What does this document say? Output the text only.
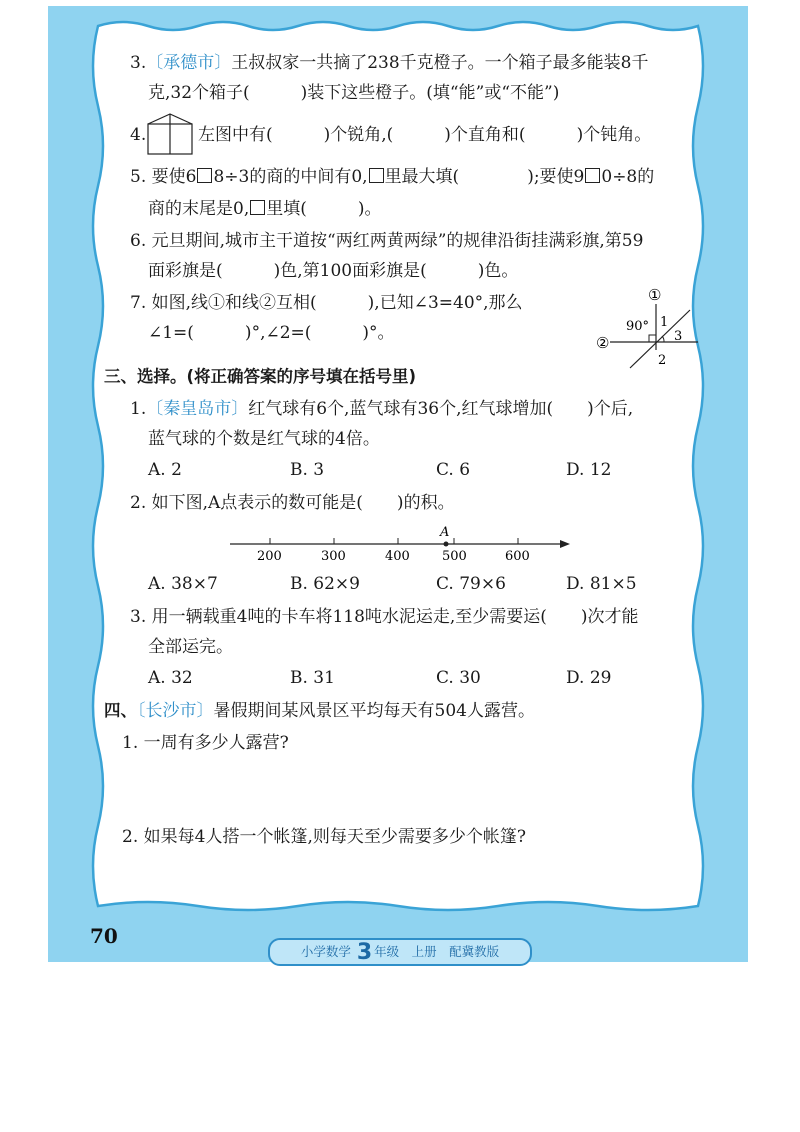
3.〔承德市〕王叔叔家一共摘了238千克橙子。一个箱子最多能装8千
克,32个箱子(　　　)装下这些橙子。(填“能”或“不能”)
4.	左图中有(　　　)个锐角,(　　　)个直角和(　　　)个钝角。
5. 要使6 8÷3的商的中间有0, 里最大填(　　　　);要使9 0÷8的
商的末尾是0, 里填(　　　)。
6. 元旦期间,城市主干道按“两红两黄两绿”的规律沿街挂满彩旗,第59
面彩旗是(　　　)色,第100面彩旗是(　　　)色。
7. 如图,线①和线②互相(　　　),已知∠3=40°,那么
∠1=(　　　)°,∠2=(　　　)°。
①
②
90° 1
3
2
三、选择。(将正确答案的序号填在括号里)
1.〔秦皇岛市〕红气球有6个,蓝气球有36个,红气球增加(　　)个后,
蓝气球的个数是红气球的4倍。
A. 2	B. 3	C. 6	D. 12
2. 如下图,A点表示的数可能是(　　)的积。
A
200	300	400 500	600
A. 38×7	B. 62×9	C. 79×6	D. 81×5
3. 用一辆载重4吨的卡车将118吨水泥运走,至少需要运(　　)次才能
全部运完。
A. 32	B. 31	C. 30	D. 29
四、〔长沙市〕暑假期间某风景区平均每天有504人露营。
1. 一周有多少人露营?
2. 如果每4人搭一个帐篷,则每天至少需要多少个帐篷?
70
小学数学 3 年级　上册　配冀教版
